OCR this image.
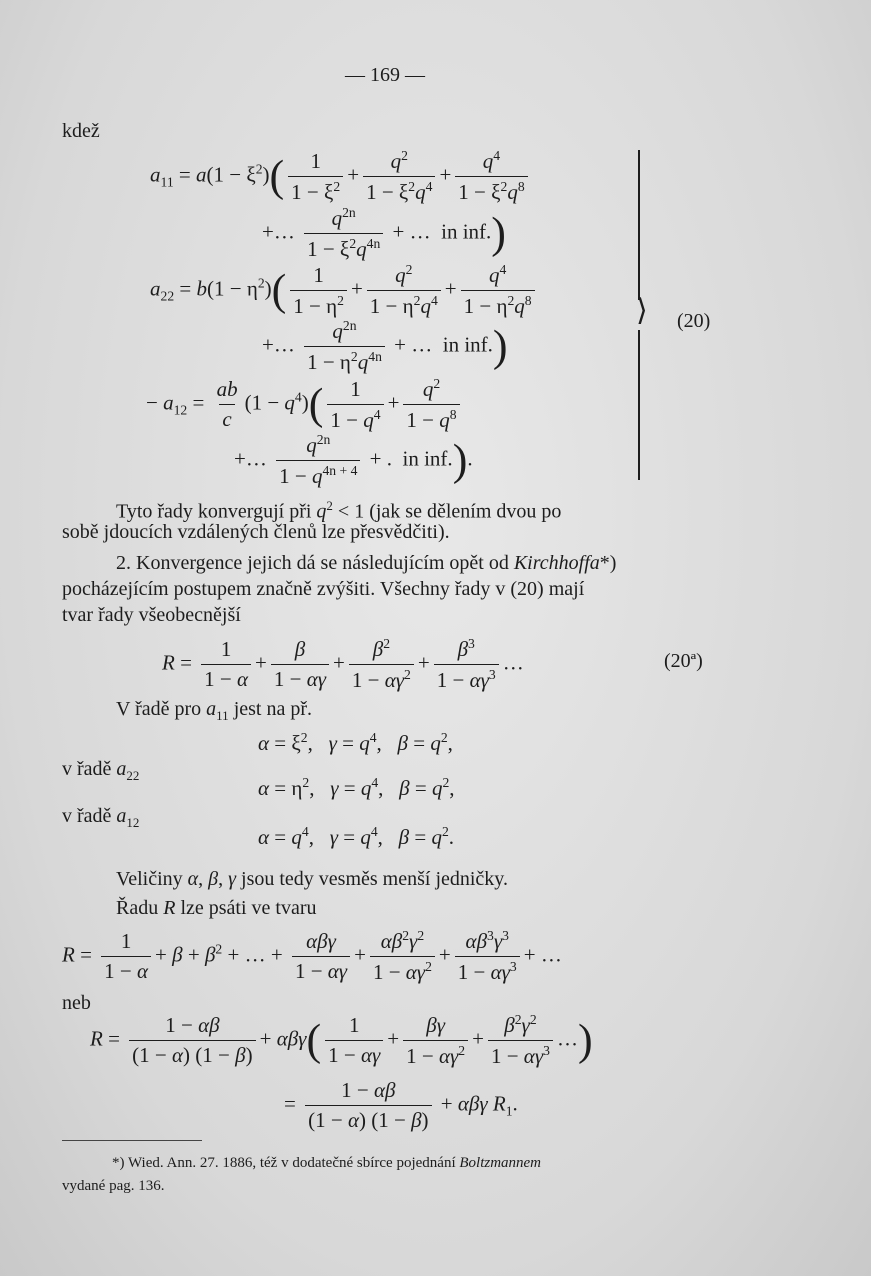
— 169 —
kdež
$a_{11} = a(1 - \xi^2)( \frac{1}{1 - \xi^2} + \frac{q^2}{1 - \xi^2q^4} + \frac{q^4}{1 - \xi^2q^8}$
+… $\frac{q^{2n}}{1 - \xi^2q^{4n}}$ + …  in inf.)
$a_{22} = b(1 - \eta^2)( \frac{1}{1 - \eta^2} + \frac{q^2}{1 - \eta^2q^4} + \frac{q^4}{1 - \eta^2q^8}$
+… $\frac{q^{2n}}{1 - \eta^2q^{4n}}$ + …  in inf.)
− $a_{12} = \frac{ab}{c} (1 - q^4)( \frac{1}{1 - q^4} + \frac{q^2}{1 - q^8}$
+… $\frac{q^{2n}}{1 - q^{4n + 4}}$ + .  in inf.).
⟩ (20)
Tyto řady konvergují při $q^2 < 1$ (jak se dělením dvou po
sobě jdoucích vzdálených členů lze přesvědčiti).
2. Konvergence jejich dá se následujícím opět od Kirchhoffa*)
pocházejícím postupem značně zvýšiti. Všechny řady v (20) mají
tvar řady všeobecnější
$R = \frac{1}{1 - \alpha} + \frac{\beta}{1 - \alpha\gamma} + \frac{\beta^2}{1 - \alpha\gamma^2} + \frac{\beta^3}{1 - \alpha\gamma^3}$ …	(20ª)
V řadě pro $a_{11}$ jest na př.
$\alpha = \xi^2$,   $\gamma = q^4$,   $\beta = q^2$,
v řadě $a_{22}$
$\alpha = \eta^2$,   $\gamma = q^4$,   $\beta = q^2$,
v řadě $a_{12}$
$\alpha = q^4$,   $\gamma = q^4$,   $\beta = q^2$.
Veličiny α, β, γ jsou tedy vesměs menší jedničky.
Řadu R lze psáti ve tvaru
$R = \frac{1}{1 - \alpha} + \beta + \beta^2$ + … +
αβγ
1 − αγ
+ $\frac{\alpha\beta^2\gamma^2}{1 - \alpha\gamma^2} + \frac{\alpha\beta^3\gamma^3}{1 - \alpha\gamma^3}$ + …
neb
$R = \frac{1 - \alpha\beta}{(1 - \alpha) (1 - \beta)} + \alpha\beta\gamma( \frac{1}{1 - \alpha\gamma} + \frac{\beta\gamma}{1 - \alpha\gamma^2} + \frac{\beta^2\gamma^2}{1 - \alpha\gamma^3}$ …)
= $\frac{1 - \alpha\beta}{(1 - \alpha) (1 - \beta)} + \alpha\beta\gamma$ $R_1$.
*) Wied. Ann. 27. 1886, též v dodatečné sbírce pojednání Boltzmannem
vydané pag. 136.
